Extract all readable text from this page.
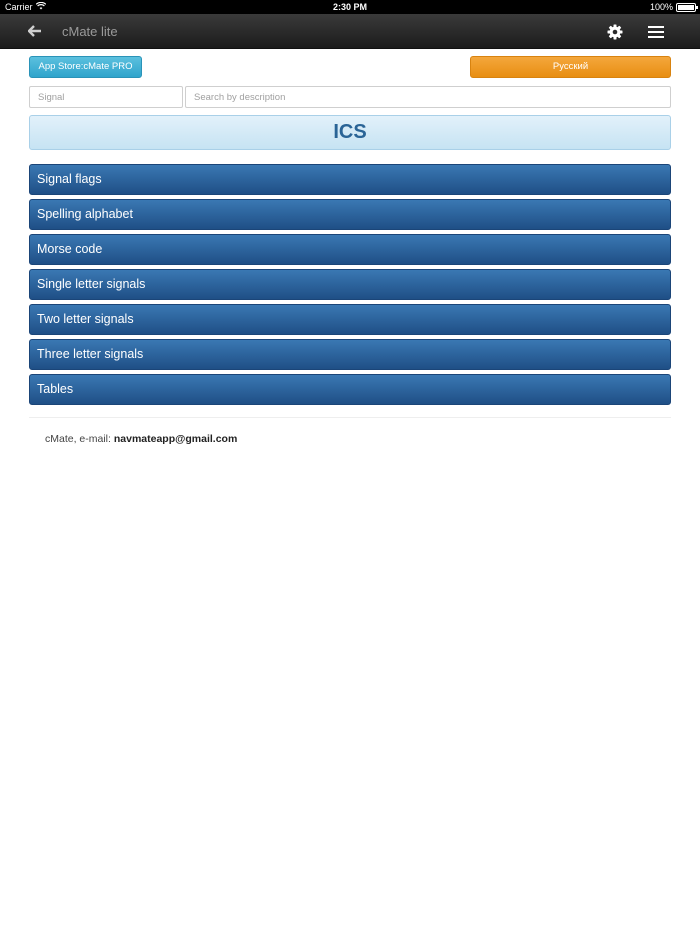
Carrier	2:30 PM	100%
cMate lite
App Store:cMate PRO	Русский
Signal
Search by description
ICS
Signal flags
Spelling alphabet
Morse code
Single letter signals
Two letter signals
Three letter signals
Tables
cMate, e-mail: navmateapp@gmail.com
